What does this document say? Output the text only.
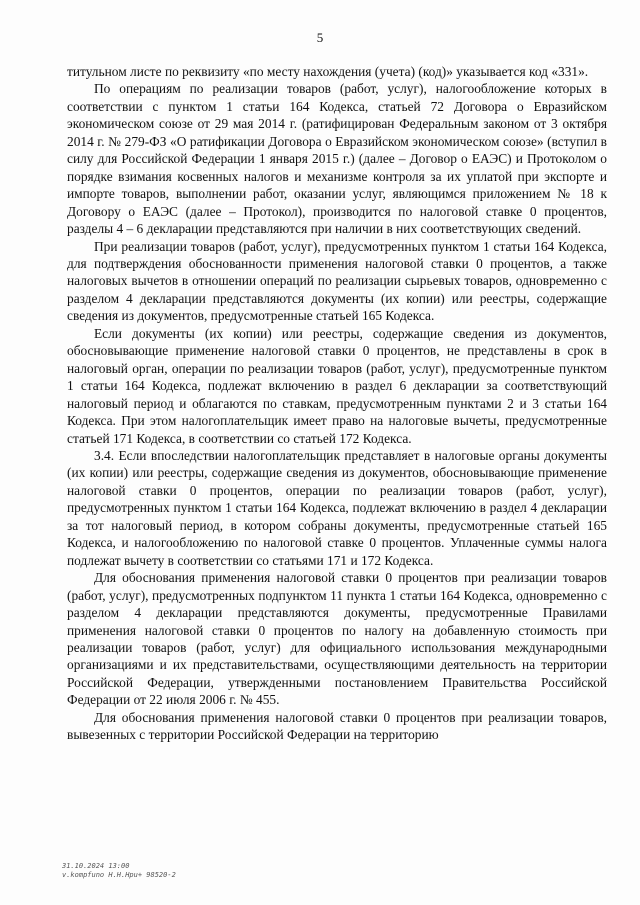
5

титульном листе по реквизиту «по месту нахождения (учета) (код)» указывается код «331».

По операциям по реализации товаров (работ, услуг), налогообложение которых в соответствии с пунктом 1 статьи 164 Кодекса, статьей 72 Договора о Евразийском экономическом союзе от 29 мая 2014 г. (ратифицирован Федеральным законом от 3 октября 2014 г. № 279-ФЗ «О ратификации Договора о Евразийском экономическом союзе» (вступил в силу для Российской Федерации 1 января 2015 г.) (далее – Договор о ЕАЭС) и Протоколом о порядке взимания косвенных налогов и механизме контроля за их уплатой при экспорте и импорте товаров, выполнении работ, оказании услуг, являющимся приложением № 18 к Договору о ЕАЭС (далее – Протокол), производится по налоговой ставке 0 процентов, разделы 4 – 6 декларации представляются при наличии в них соответствующих сведений.

При реализации товаров (работ, услуг), предусмотренных пунктом 1 статьи 164 Кодекса, для подтверждения обоснованности применения налоговой ставки 0 процентов, а также налоговых вычетов в отношении операций по реализации сырьевых товаров, одновременно с разделом 4 декларации представляются документы (их копии) или реестры, содержащие сведения из документов, предусмотренные статьей 165 Кодекса.

Если документы (их копии) или реестры, содержащие сведения из документов, обосновывающие применение налоговой ставки 0 процентов, не представлены в срок в налоговый орган, операции по реализации товаров (работ, услуг), предусмотренные пунктом 1 статьи 164 Кодекса, подлежат включению в раздел 6 декларации за соответствующий налоговый период и облагаются по ставкам, предусмотренным пунктами 2 и 3 статьи 164 Кодекса. При этом налогоплательщик имеет право на налоговые вычеты, предусмотренные статьей 171 Кодекса, в соответствии со статьей 172 Кодекса.

3.4. Если впоследствии налогоплательщик представляет в налоговые органы документы (их копии) или реестры, содержащие сведения из документов, обосновывающие применение налоговой ставки 0 процентов, операции по реализации товаров (работ, услуг), предусмотренных пунктом 1 статьи 164 Кодекса, подлежат включению в раздел 4 декларации за тот налоговый период, в котором собраны документы, предусмотренные статьей 165 Кодекса, и налогообложению по налоговой ставке 0 процентов. Уплаченные суммы налога подлежат вычету в соответствии со статьями 171 и 172 Кодекса.

Для обоснования применения налоговой ставки 0 процентов при реализации товаров (работ, услуг), предусмотренных подпунктом 11 пункта 1 статьи 164 Кодекса, одновременно с разделом 4 декларации представляются документы, предусмотренные Правилами применения налоговой ставки 0 процентов по налогу на добавленную стоимость при реализации товаров (работ, услуг) для официального использования международными организациями и их представительствами, осуществляющими деятельность на территории Российской Федерации, утвержденными постановлением Правительства Российской Федерации от 22 июля 2006 г. № 455.

Для обоснования применения налоговой ставки 0 процентов при реализации товаров, вывезенных с территории Российской Федерации на территорию

31.10.2024 13:00
v.kompfuno Н.Н.Hpu+ 98520-2
